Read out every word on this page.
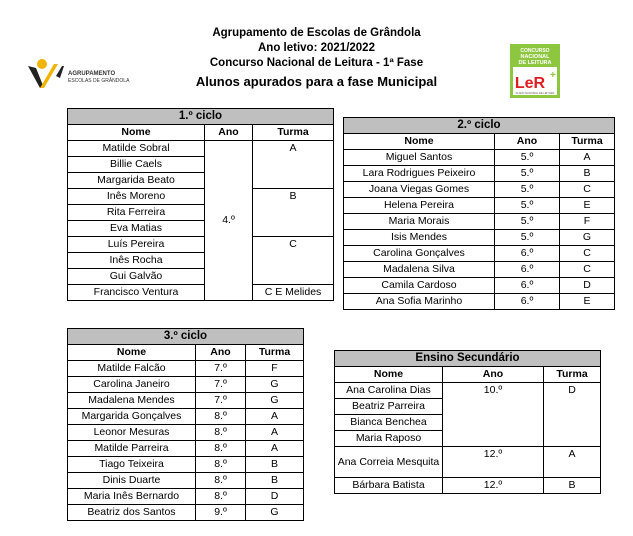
Agrupamento de Escolas de Grândola
Ano letivo: 2021/2022
Concurso Nacional de Leitura - 1ª Fase
Alunos apurados para a fase Municipal
AGRUPAMENTO
ESCOLAS DE GRÂNDOLA
CONCURSO
NACIONAL
DE LEITURA
LeR +
PLANO NACIONAL DE LEITURA
1.º ciclo		
Nome	Ano	Turma
Matilde Sobral	4.º	A
Billie Caels		
Margarida Beato		
Inês Moreno		B
Rita Ferreira		
Eva Matias		
Luís Pereira		C
Inês Rocha		
Gui Galvão		
Francisco Ventura		C E Melides
2.º ciclo		
Nome	Ano	Turma
Miguel Santos	5.º	A
Lara Rodrigues Peixeiro	5.º	B
Joana Viegas Gomes	5.º	C
Helena Pereira	5.º	E
Maria Morais	5.º	F
Isis Mendes	5.º	G
Carolina Gonçalves	6.º	C
Madalena Silva	6.º	C
Camila Cardoso	6.º	D
Ana Sofia Marinho	6.º	E
3.º ciclo		
Nome	Ano	Turma
Matilde Falcão	7.º	F
Carolina Janeiro	7.º	G
Madalena Mendes	7.º	G
Margarida Gonçalves	8.º	A
Leonor Mesuras	8.º	A
Matilde Parreira	8.º	A
Tiago Teixeira	8.º	B
Dinis Duarte	8.º	B
Maria Inês Bernardo	8.º	D
Beatriz dos Santos	9.º	G
Ensino Secundário		
Nome	Ano	Turma
Ana Carolina Dias	10.º	D
Beatriz Parreira		
Bianca Benchea		
Maria Raposo		
Ana Correia Mesquita	12.º	A
Bárbara Batista	12.º	B
